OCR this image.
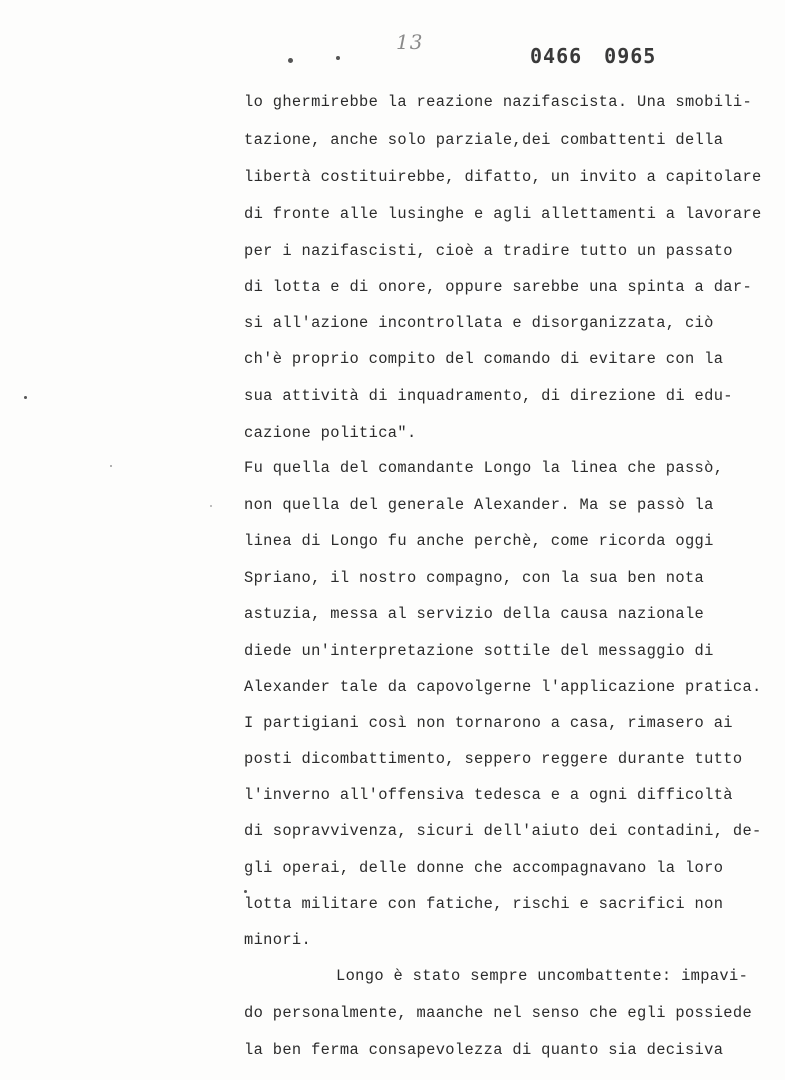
13
0466 0965
lo ghermirebbe la reazione nazifascista. Una smobili-
tazione, anche solo parziale,dei combattenti della
libertà costituirebbe, difatto, un invito a capitolare
di fronte alle lusinghe e agli allettamenti a lavorare
per i nazifascisti, cioè a tradire tutto un passato
di lotta e di onore, oppure sarebbe una spinta a dar-
si all'azione incontrollata e disorganizzata, ciò
ch'è proprio compito del comando di evitare con la
sua attività di inquadramento, di direzione di edu-
cazione politica".
Fu quella del comandante Longo la linea che passò,
non quella del generale Alexander. Ma se passò la
linea di Longo fu anche perchè, come ricorda oggi
Spriano, il nostro compagno, con la sua ben nota
astuzia, messa al servizio della causa nazionale
diede un'interpretazione sottile del messaggio di
Alexander tale da capovolgerne l'applicazione pratica.
I partigiani così non tornarono a casa, rimasero ai
posti dicombattimento, seppero reggere durante tutto
l'inverno all'offensiva tedesca e a ogni difficoltà
di sopravvivenza, sicuri dell'aiuto dei contadini, de-
gli operai, delle donne che accompagnavano la loro
lotta militare con fatiche, rischi e sacrifici non
minori.
Longo è stato sempre uncombattente: impavi-
do personalmente, maanche nel senso che egli possiede
la ben ferma consapevolezza di quanto sia decisiva
